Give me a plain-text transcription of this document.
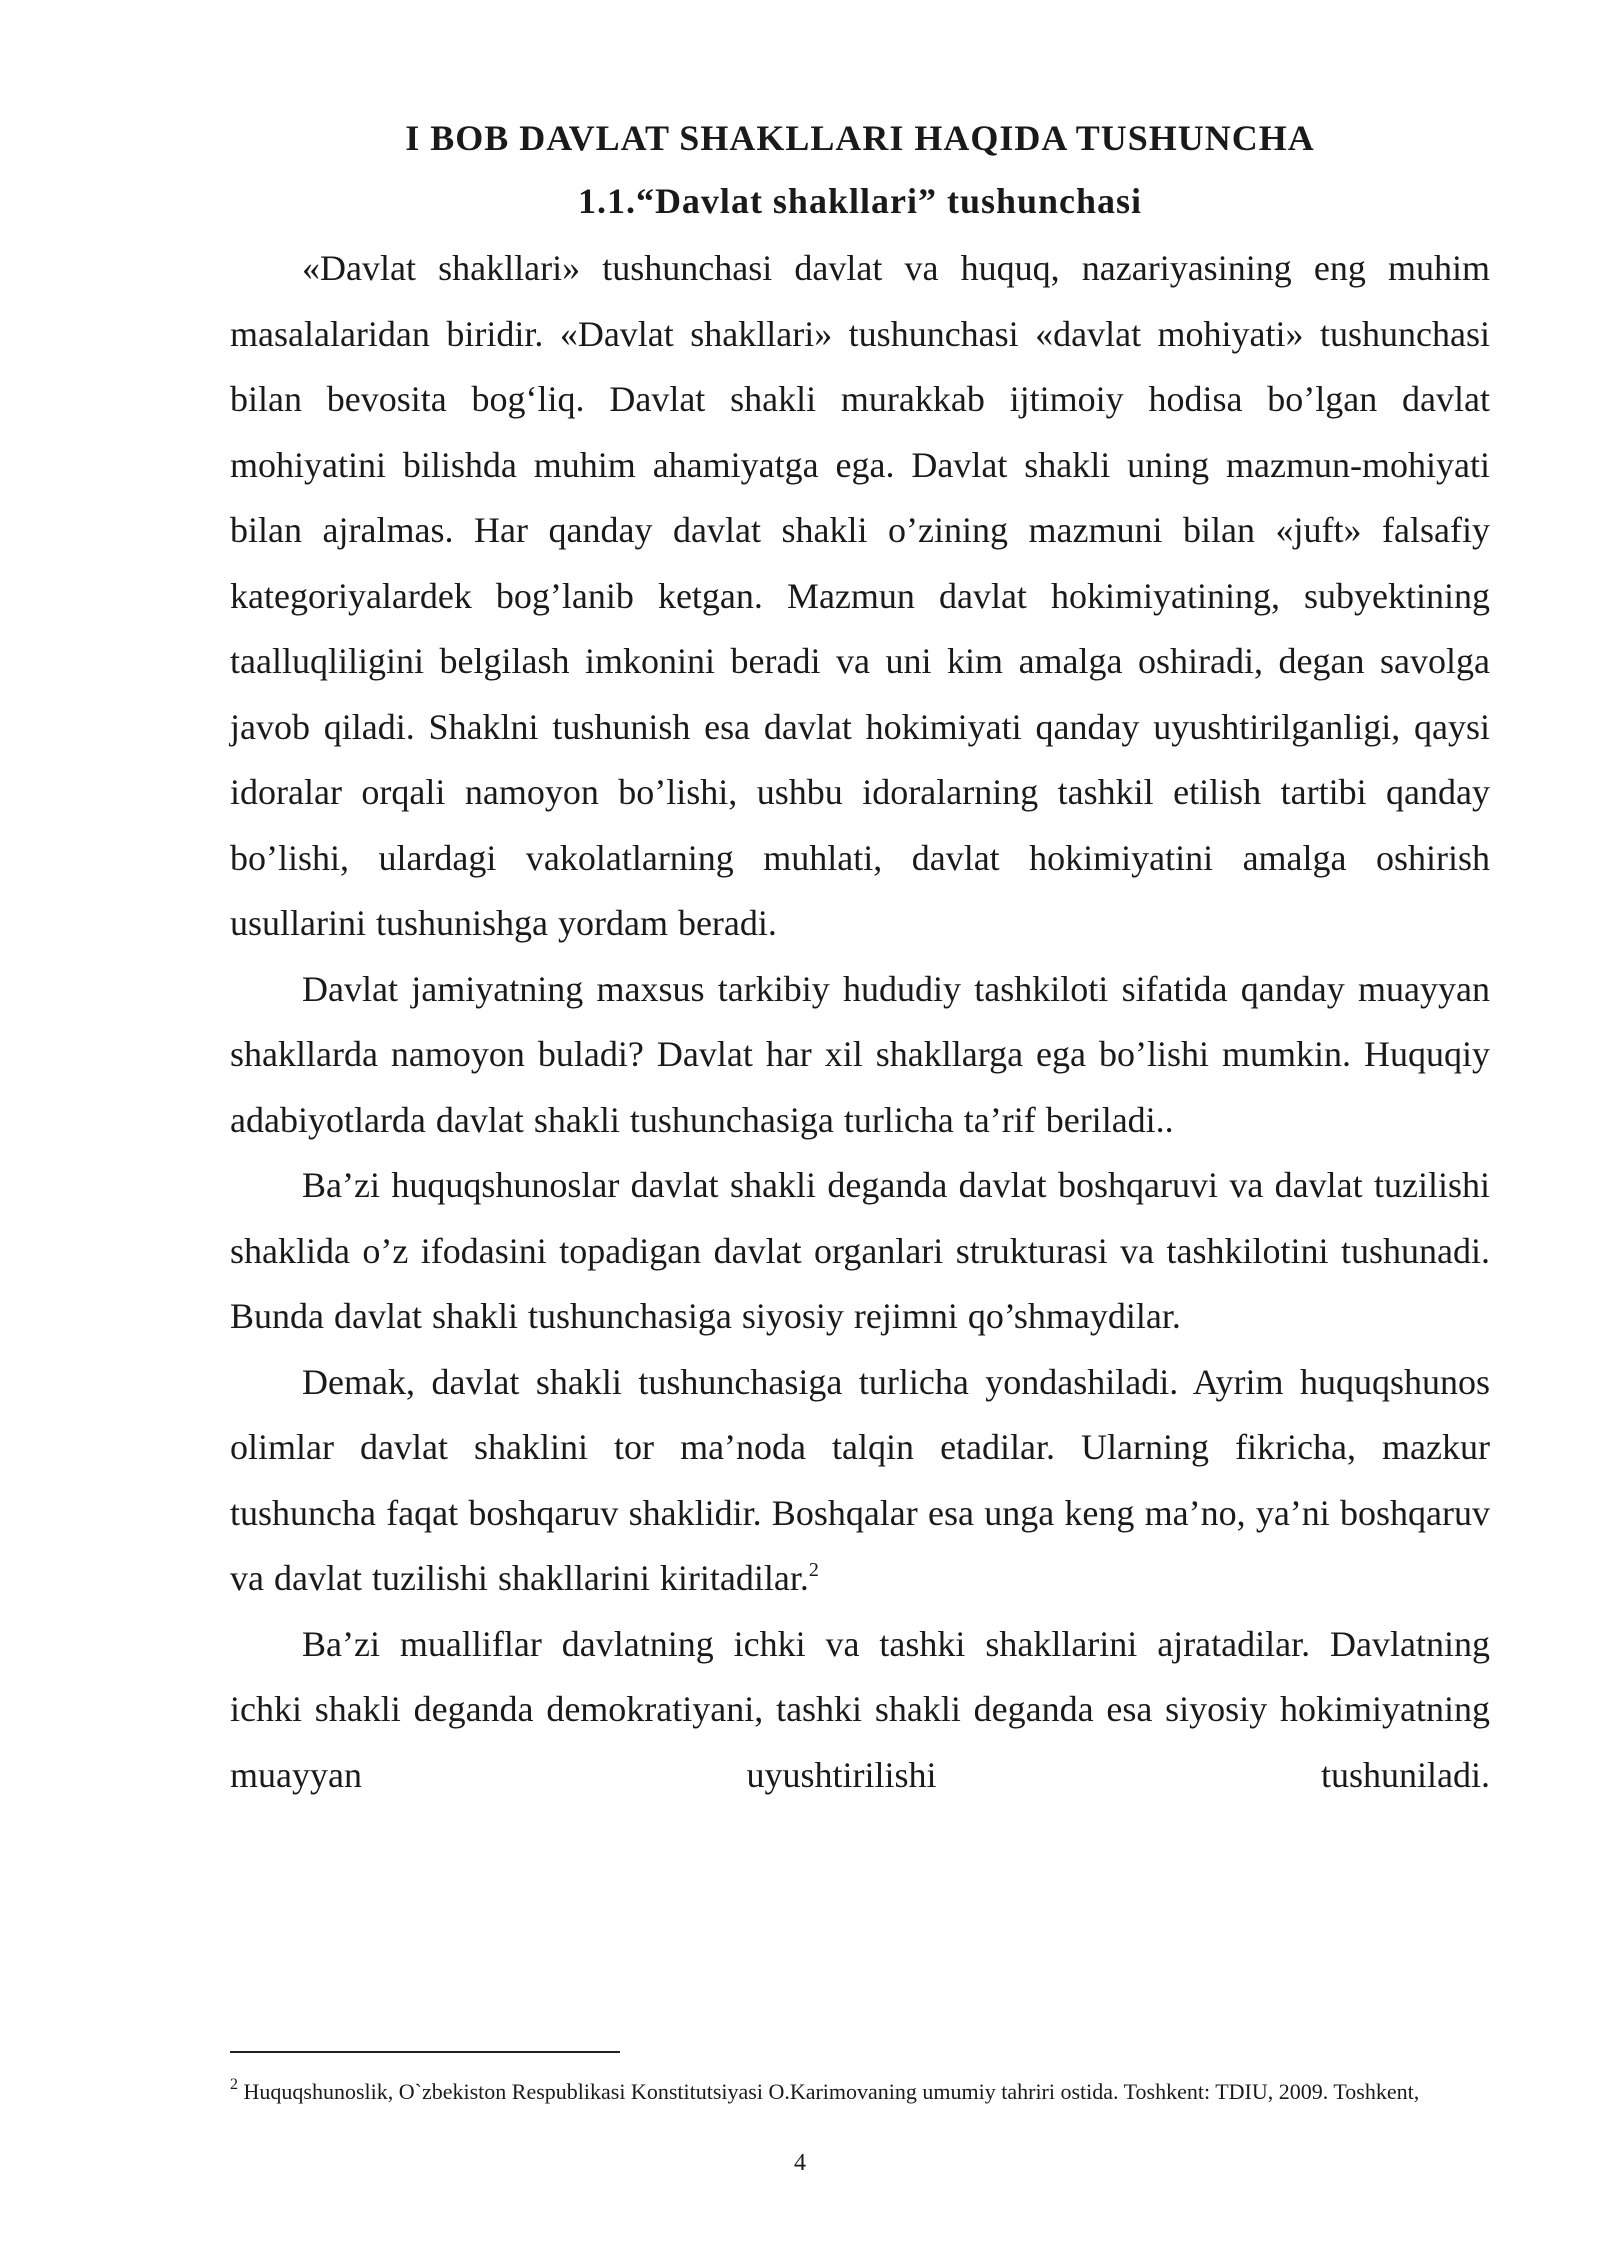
I BOB DAVLAT SHAKLLARI HAQIDA TUSHUNCHA
1.1.“Davlat shakllari” tushunchasi

«Davlat shakllari» tushunchasi davlat va huquq, nazariyasining eng muhim masalalaridan biridir. «Davlat shakllari» tushunchasi «davlat mohiyati» tushunchasi bilan bevosita bog‘liq. Davlat shakli murakkab ijtimoiy hodisa bo’lgan davlat mohiyatini bilishda muhim ahamiyatga ega. Davlat shakli uning mazmun-mohiyati bilan ajralmas. Har qanday davlat shakli o’zining mazmuni bilan «juft» falsafiy kategoriyalardek bog’lanib ketgan. Mazmun davlat hokimiyatining, subyektining taalluqliligini belgilash imkonini beradi va uni kim amalga oshiradi, degan savolga javob qiladi. Shaklni tushunish esa davlat hokimiyati qanday uyushtirilganligi, qaysi idoralar orqali namoyon bo’lishi, ushbu idoralarning tashkil etilish tartibi qanday bo’lishi, ulardagi vakolatlarning muhlati, davlat hokimiyatini amalga oshirish usullarini tushunishga yordam beradi.

Davlat jamiyatning maxsus tarkibiy hududiy tashkiloti sifatida qanday muayyan shakllarda namoyon buladi? Davlat har xil shakllarga ega bo’lishi mumkin. Huquqiy adabiyotlarda davlat shakli tushunchasiga turlicha ta’rif beriladi..

Ba’zi huquqshunoslar davlat shakli deganda davlat boshqaruvi va davlat tuzilishi shaklida o’z ifodasini topadigan davlat organlari strukturasi va tashkilotini tushunadi. Bunda davlat shakli tushunchasiga siyosiy rejimni qo’shmaydilar.

Demak, davlat shakli tushunchasiga turlicha yondashiladi. Ayrim huquqshunos olimlar davlat shaklini tor ma’noda talqin etadilar. Ularning fikricha, mazkur tushuncha faqat boshqaruv shaklidir. Boshqalar esa unga keng ma’no, ya’ni boshqaruv va davlat tuzilishi shakllarini kiritadilar.$^2$

Ba’zi mualliflar davlatning ichki va tashki shakllarini ajratadilar. Davlatning ichki shakli deganda demokratiyani, tashki shakli deganda esa siyosiy hokimiyatning muayyan uyushtirilishi tushuniladi.

$^2$ Huquqshunoslik, O`zbekiston Respublikasi Konstitutsiyasi O.Karimovaning umumiy tahriri ostida. Toshkent: TDIU, 2009. Toshkent,

4
